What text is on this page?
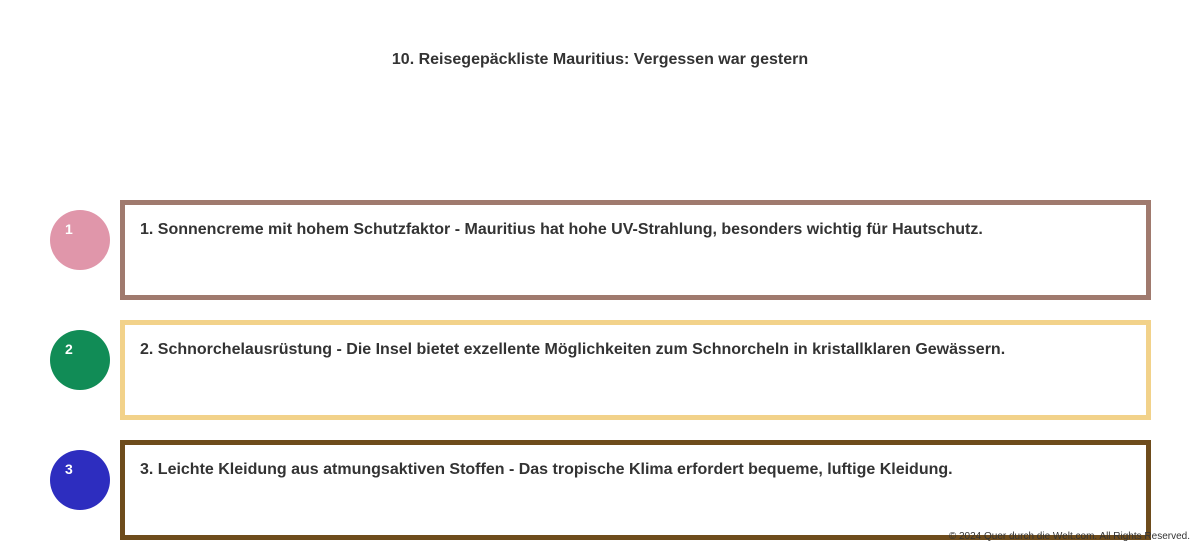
10. Reisegepäckliste Mauritius: Vergessen war gestern
1	1. Sonnencreme mit hohem Schutzfaktor - Mauritius hat hohe UV-Strahlung, besonders wichtig für Hautschutz.
2	2. Schnorchelausrüstung - Die Insel bietet exzellente Möglichkeiten zum Schnorcheln in kristallklaren Gewässern.
3	3. Leichte Kleidung aus atmungsaktiven Stoffen - Das tropische Klima erfordert bequeme, luftige Kleidung.
© 2024 Quer durch die Welt.com. All Rights Reserved.
